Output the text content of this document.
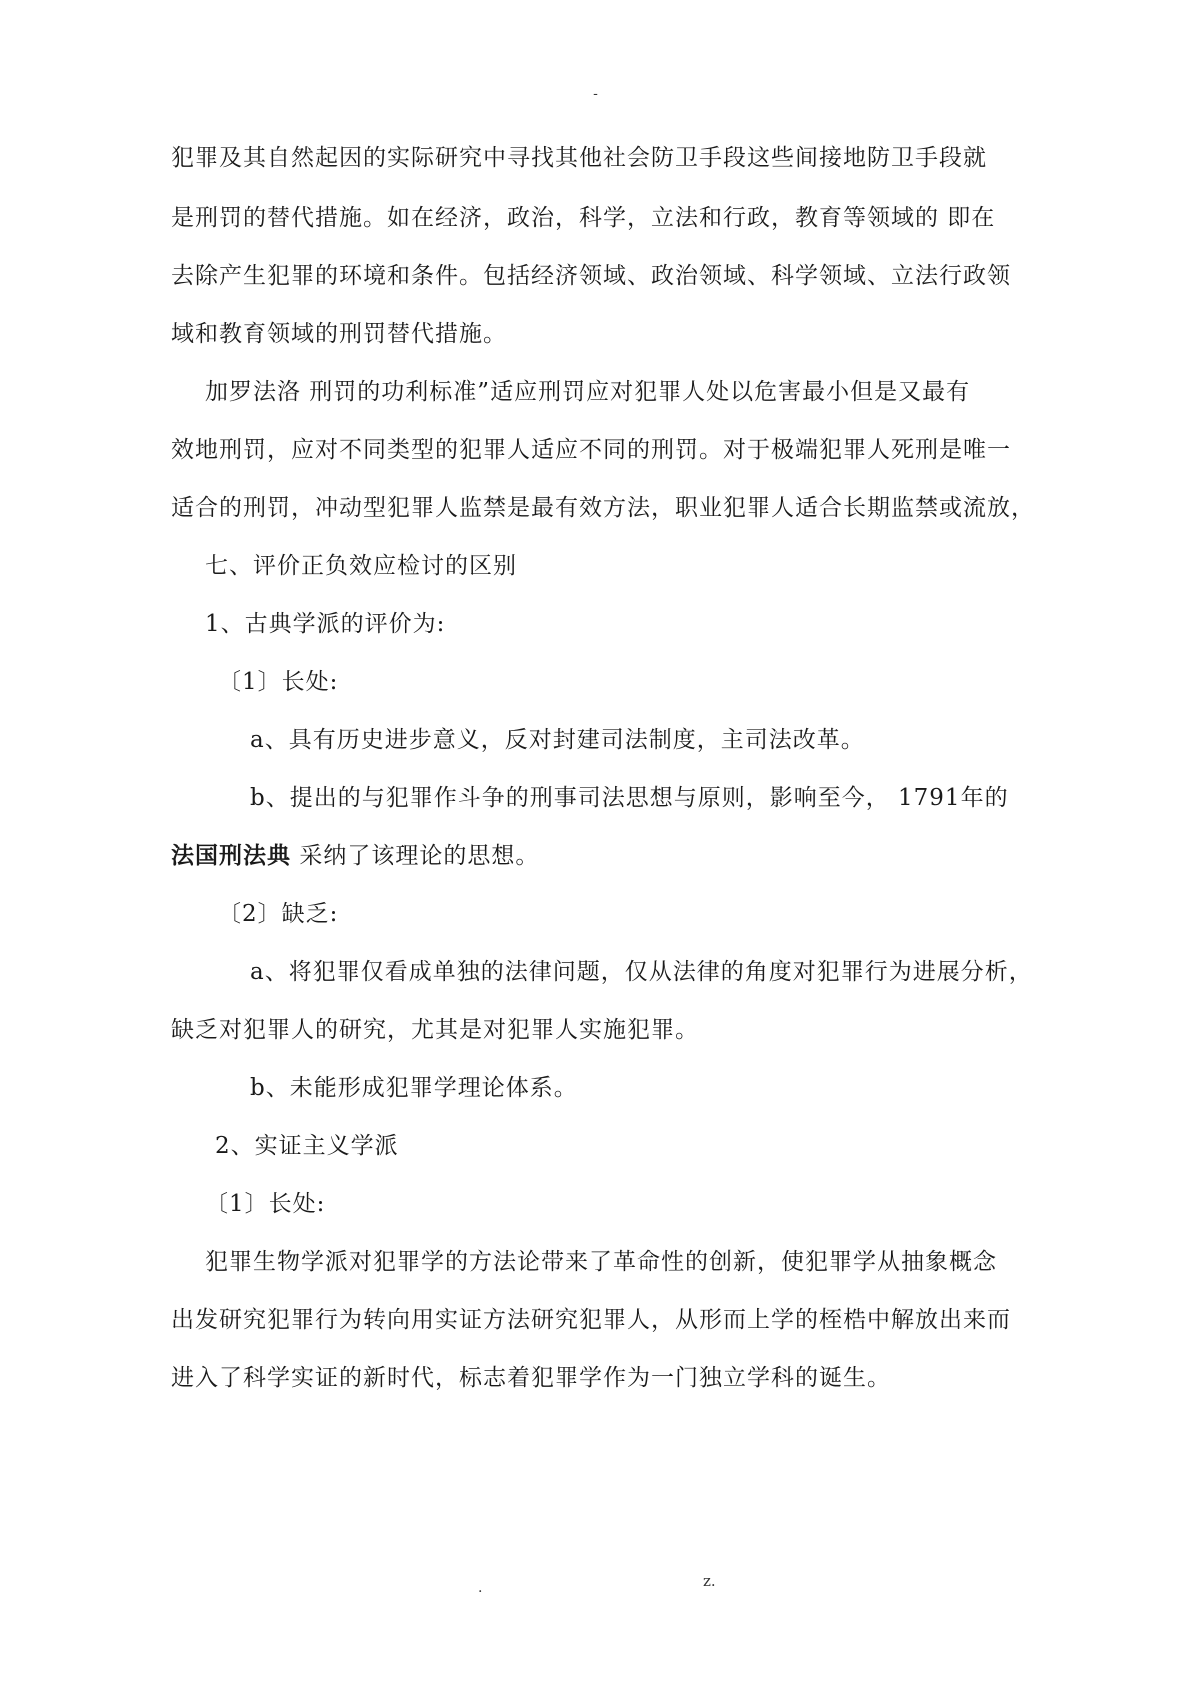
-
犯罪及其自然起因的实际研究中寻找其他社会防卫手段这些间接地防卫手段就
是刑罚的替代措施。如在经济，政治，科学，立法和行政，教育等领域的 即在
去除产生犯罪的环境和条件。包括经济领域、政治领域、科学领域、立法行政领
域和教育领域的刑罚替代措施。
加罗法洛 刑罚的功利标准”适应刑罚应对犯罪人处以危害最小但是又最有
效地刑罚，应对不同类型的犯罪人适应不同的刑罚。对于极端犯罪人死刑是唯一
适合的刑罚，冲动型犯罪人监禁是最有效方法，职业犯罪人适合长期监禁或流放，
七、评价正负效应检讨的区别
1、古典学派的评价为:
〔1〕长处:
a、具有历史进步意义，反对封建司法制度，主司法改革。
b、提出的与犯罪作斗争的刑事司法思想与原则，影响至今， 1791年的
法国刑法典 采纳了该理论的思想。
〔2〕缺乏:
a、将犯罪仅看成单独的法律问题，仅从法律的角度对犯罪行为进展分析，
缺乏对犯罪人的研究，尤其是对犯罪人实施犯罪。
b、未能形成犯罪学理论体系。
2、实证主义学派
〔1〕长处:
犯罪生物学派对犯罪学的方法论带来了革命性的创新，使犯罪学从抽象概念
出发研究犯罪行为转向用实证方法研究犯罪人，从形而上学的桎梏中解放出来而
进入了科学实证的新时代，标志着犯罪学作为一门独立学科的诞生。
.	z.
